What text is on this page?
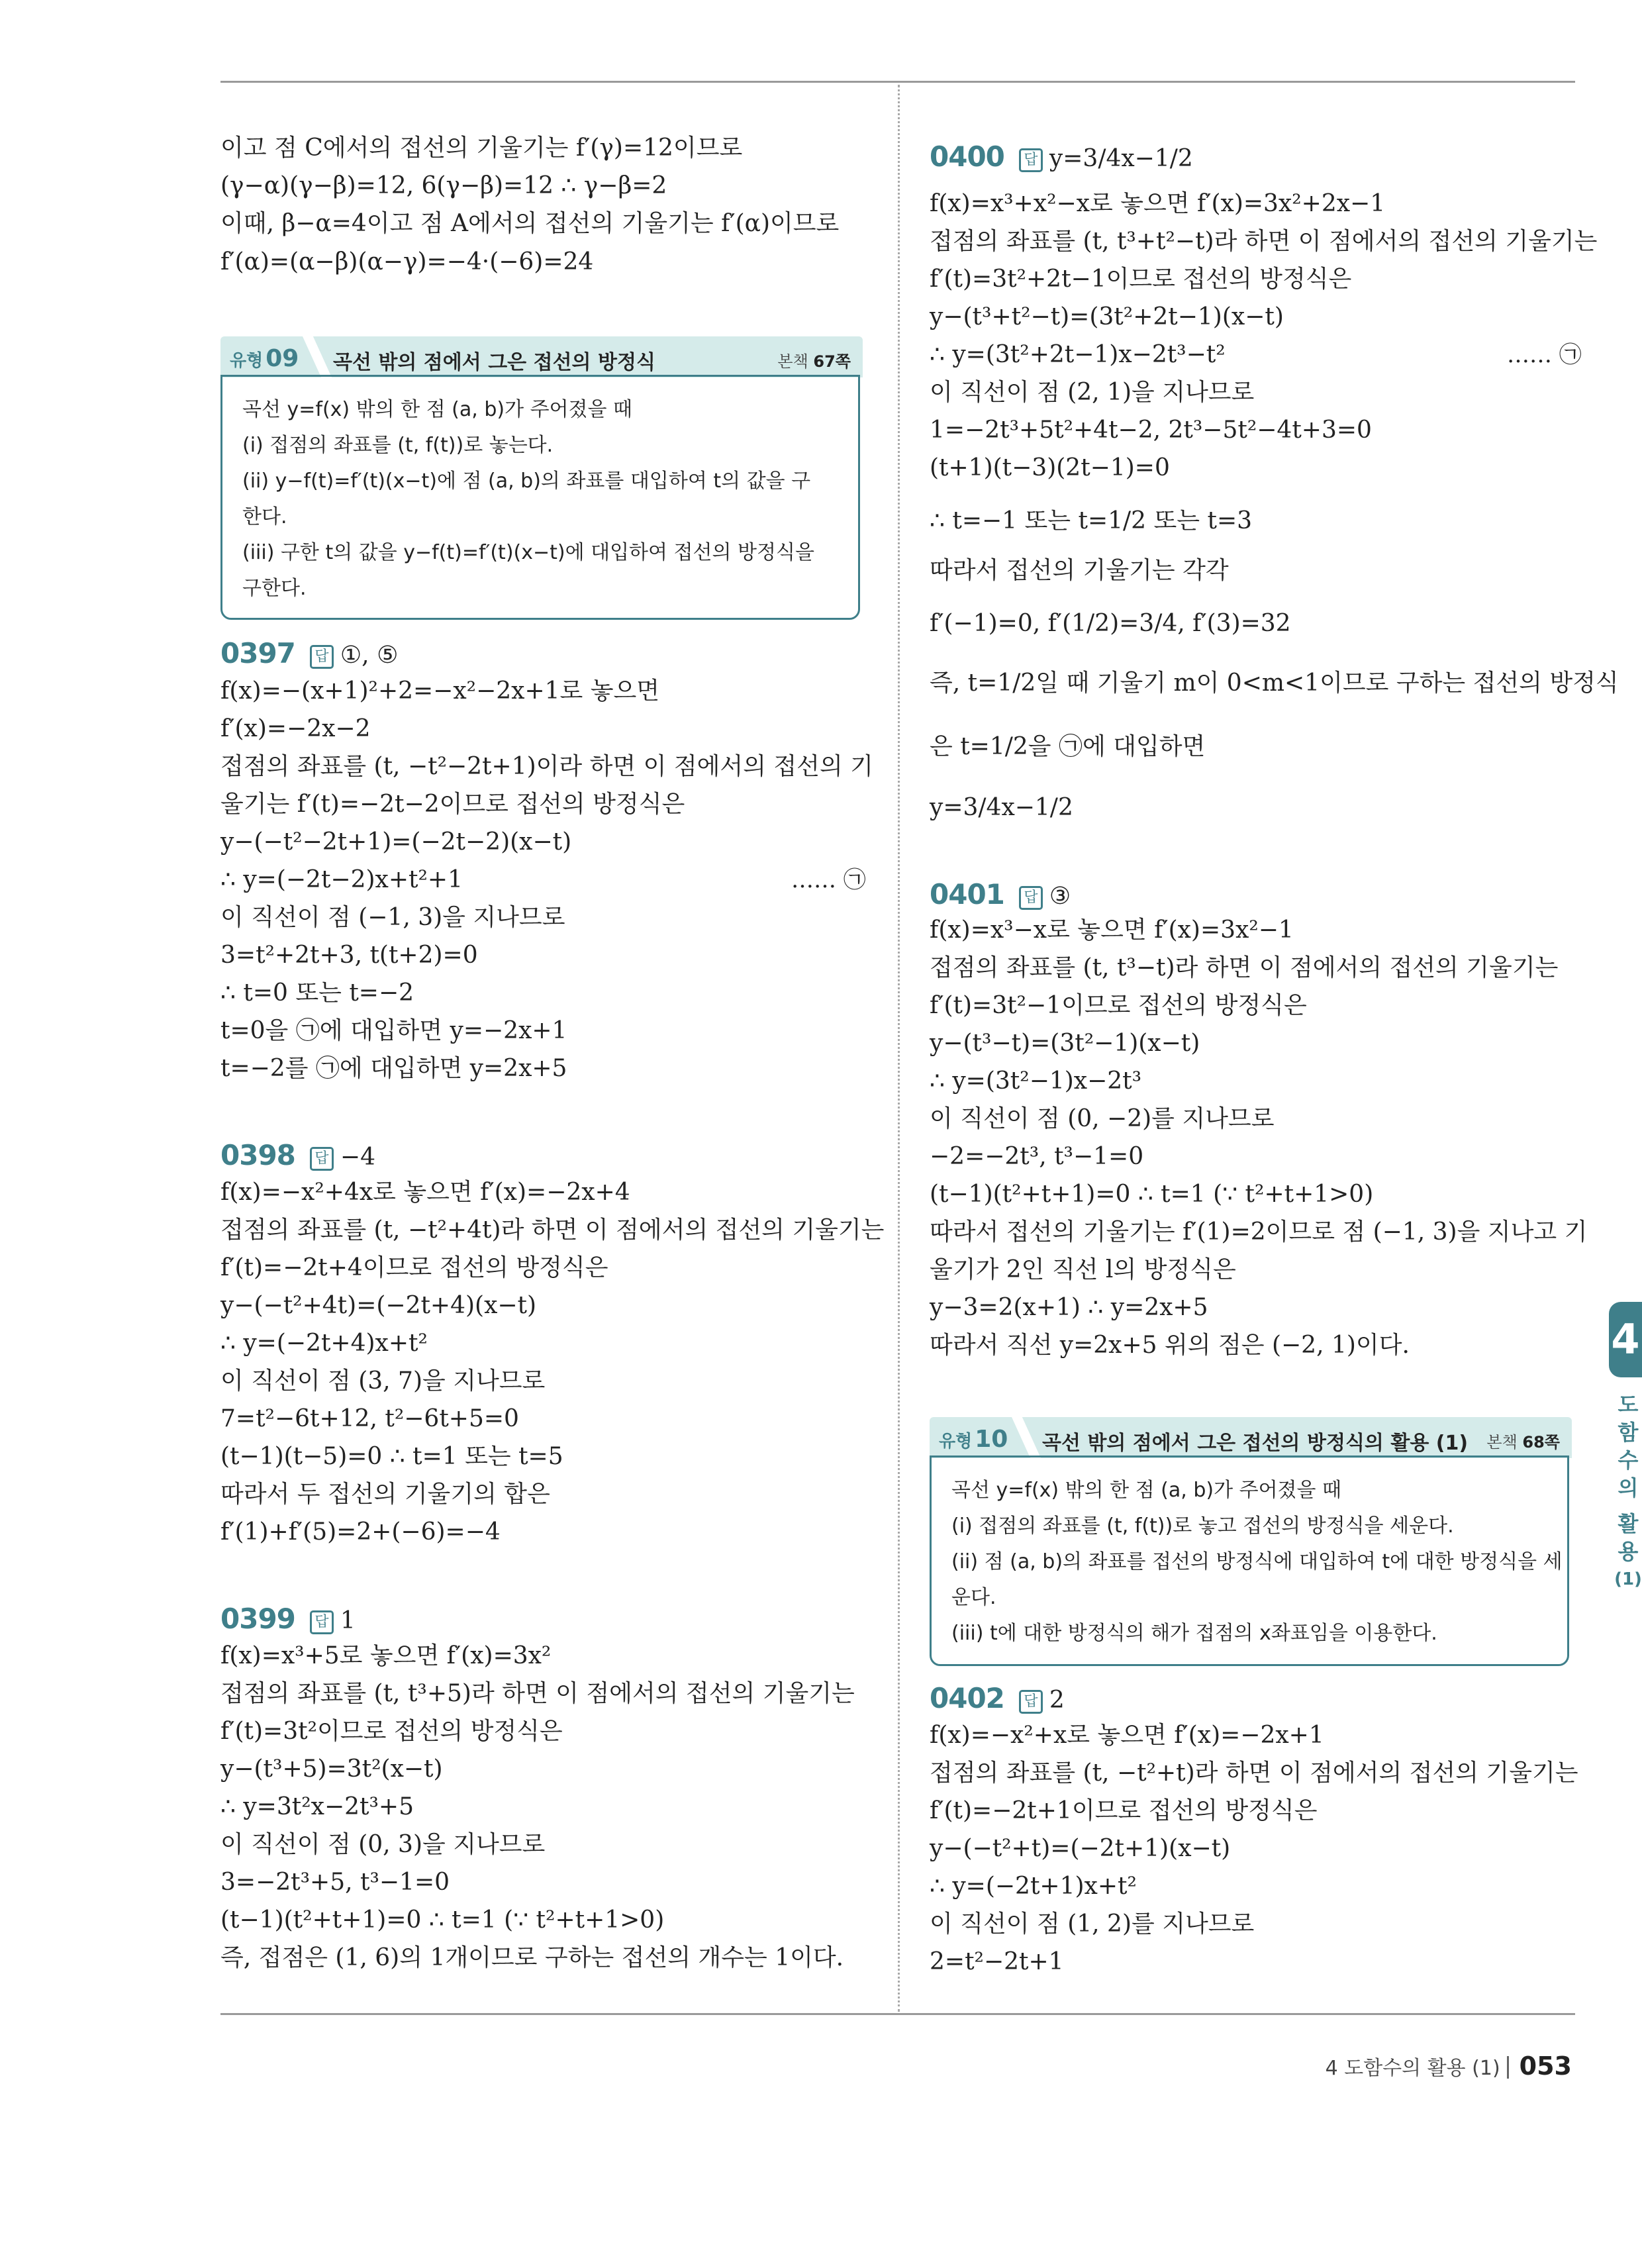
이고 점 C에서의 접선의 기울기는 f′(γ)=12이므로
(γ−α)(γ−β)=12, 6(γ−β)=12 ∴ γ−β=2
이때, β−α=4이고 점 A에서의 접선의 기울기는 f′(α)이므로
f′(α)=(α−β)(α−γ)=−4·(−6)=24
유형 09 곡선 밖의 점에서 그은 접선의 방정식	본책 67쪽
곡선 y=f(x) 밖의 한 점 (a, b)가 주어졌을 때
(i) 접점의 좌표를 (t, f(t))로 놓는다.
(ii) y−f(t)=f′(t)(x−t)에 점 (a, b)의 좌표를 대입하여 t의 값을 구
한다.
(iii) 구한 t의 값을 y−f(t)=f′(t)(x−t)에 대입하여 접선의 방정식을
구한다.
0397 답 ①, ⑤
f(x)=−(x+1)²+2=−x²−2x+1로 놓으면
f′(x)=−2x−2
접점의 좌표를 (t, −t²−2t+1)이라 하면 이 점에서의 접선의 기
울기는 f′(t)=−2t−2이므로 접선의 방정식은
y−(−t²−2t+1)=(−2t−2)(x−t)
∴ y=(−2t−2)x+t²+1	…… ㉠
이 직선이 점 (−1, 3)을 지나므로
3=t²+2t+3, t(t+2)=0
∴ t=0 또는 t=−2
t=0을 ㉠에 대입하면 y=−2x+1
t=−2를 ㉠에 대입하면 y=2x+5
0398 답 −4
f(x)=−x²+4x로 놓으면 f′(x)=−2x+4
접점의 좌표를 (t, −t²+4t)라 하면 이 점에서의 접선의 기울기는
f′(t)=−2t+4이므로 접선의 방정식은
y−(−t²+4t)=(−2t+4)(x−t)
∴ y=(−2t+4)x+t²
이 직선이 점 (3, 7)을 지나므로
7=t²−6t+12, t²−6t+5=0
(t−1)(t−5)=0 ∴ t=1 또는 t=5
따라서 두 접선의 기울기의 합은
f′(1)+f′(5)=2+(−6)=−4
0399 답 1
f(x)=x³+5로 놓으면 f′(x)=3x²
접점의 좌표를 (t, t³+5)라 하면 이 점에서의 접선의 기울기는
f′(t)=3t²이므로 접선의 방정식은
y−(t³+5)=3t²(x−t)
∴ y=3t²x−2t³+5
이 직선이 점 (0, 3)을 지나므로
3=−2t³+5, t³−1=0
(t−1)(t²+t+1)=0 ∴ t=1 (∵ t²+t+1>0)
즉, 접점은 (1, 6)의 1개이므로 구하는 접선의 개수는 1이다.
0400 답 y=3/4x−1/2
f(x)=x³+x²−x로 놓으면 f′(x)=3x²+2x−1
접점의 좌표를 (t, t³+t²−t)라 하면 이 점에서의 접선의 기울기는
f′(t)=3t²+2t−1이므로 접선의 방정식은
y−(t³+t²−t)=(3t²+2t−1)(x−t)
∴ y=(3t²+2t−1)x−2t³−t²	…… ㉠
이 직선이 점 (2, 1)을 지나므로
1=−2t³+5t²+4t−2, 2t³−5t²−4t+3=0
(t+1)(t−3)(2t−1)=0
∴ t=−1 또는 t=1/2 또는 t=3
따라서 접선의 기울기는 각각
f′(−1)=0, f′(1/2)=3/4, f′(3)=32
즉, t=1/2일 때 기울기 m이 0<m<1이므로 구하는 접선의 방정식
은 t=1/2을 ㉠에 대입하면
y=3/4x−1/2
0401 답 ③
f(x)=x³−x로 놓으면 f′(x)=3x²−1
접점의 좌표를 (t, t³−t)라 하면 이 점에서의 접선의 기울기는
f′(t)=3t²−1이므로 접선의 방정식은
y−(t³−t)=(3t²−1)(x−t)
∴ y=(3t²−1)x−2t³
이 직선이 점 (0, −2)를 지나므로
−2=−2t³, t³−1=0
(t−1)(t²+t+1)=0 ∴ t=1 (∵ t²+t+1>0)
따라서 접선의 기울기는 f′(1)=2이므로 점 (−1, 3)을 지나고 기
울기가 2인 직선 l의 방정식은
y−3=2(x+1) ∴ y=2x+5
따라서 직선 y=2x+5 위의 점은 (−2, 1)이다.
유형 10 곡선 밖의 점에서 그은 접선의 방정식의 활용 (1) 본책 68쪽
곡선 y=f(x) 밖의 한 점 (a, b)가 주어졌을 때
(i) 접점의 좌표를 (t, f(t))로 놓고 접선의 방정식을 세운다.
(ii) 점 (a, b)의 좌표를 접선의 방정식에 대입하여 t에 대한 방정식을 세
운다.
(iii) t에 대한 방정식의 해가 접점의 x좌표임을 이용한다.
0402 답 2
f(x)=−x²+x로 놓으면 f′(x)=−2x+1
접점의 좌표를 (t, −t²+t)라 하면 이 점에서의 접선의 기울기는
f′(t)=−2t+1이므로 접선의 방정식은
y−(−t²+t)=(−2t+1)(x−t)
∴ y=(−2t+1)x+t²
이 직선이 점 (1, 2)를 지나므로
2=t²−2t+1
4
도
함
수
의
활
용
(1)
4 도함수의 활용 (1) 053
